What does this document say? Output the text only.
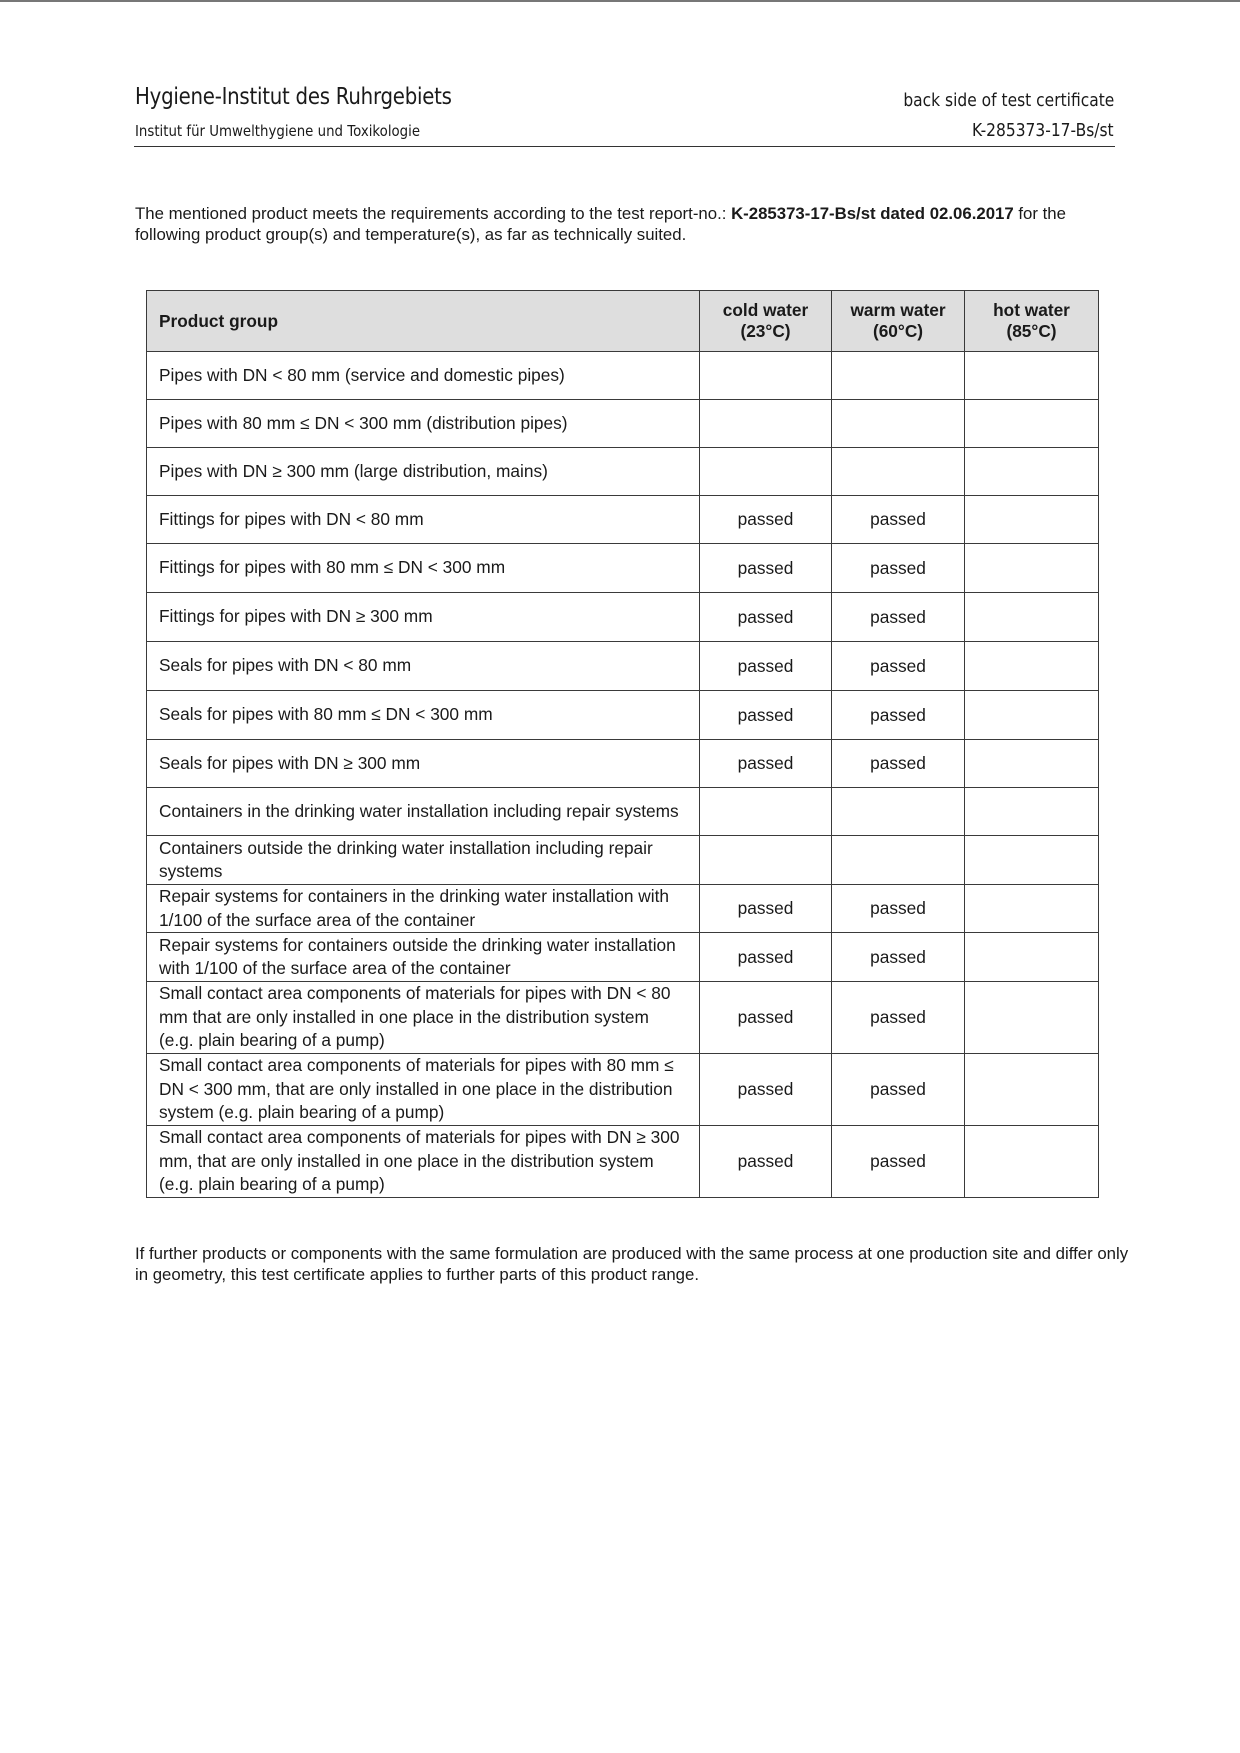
Hygiene-Institut des Ruhrgebiets
Institut für Umwelthygiene und Toxikologie
back side of test certificate
K-285373-17-Bs/st
The mentioned product meets the requirements according to the test report-no.: K-285373-17-Bs/st dated 02.06.2017 for the following product group(s) and temperature(s), as far as technically suited.
Product group	cold water (23°C)	warm water (60°C)	hot water (85°C)
Pipes with DN < 80 mm (service and domestic pipes)			
Pipes with 80 mm ≤ DN < 300 mm (distribution pipes)			
Pipes with DN ≥ 300 mm (large distribution, mains)			
Fittings for pipes with DN < 80 mm	passed	passed	
Fittings for pipes with 80 mm ≤ DN < 300 mm	passed	passed	
Fittings for pipes with DN ≥ 300 mm	passed	passed	
Seals for pipes with DN < 80 mm	passed	passed	
Seals for pipes with 80 mm ≤ DN < 300 mm	passed	passed	
Seals for pipes with DN ≥ 300 mm	passed	passed	
Containers in the drinking water installation including repair systems			
Containers outside the drinking water installation including repair systems			
Repair systems for containers in the drinking water installation with 1/100 of the surface area of the container	passed	passed	
Repair systems for containers outside the drinking water installation with 1/100 of the surface area of the container	passed	passed	
Small contact area components of materials for pipes with DN < 80 mm that are only installed in one place in the distribution system (e.g. plain bearing of a pump)	passed	passed	
Small contact area components of materials for pipes with 80 mm ≤ DN < 300 mm, that are only installed in one place in the distribution system (e.g. plain bearing of a pump)	passed	passed	
Small contact area components of materials for pipes with DN ≥ 300 mm, that are only installed in one place in the distribution system (e.g. plain bearing of a pump)	passed	passed	
If further products or components with the same formulation are produced with the same process at one production site and differ only in geometry, this test certificate applies to further parts of this product range.
